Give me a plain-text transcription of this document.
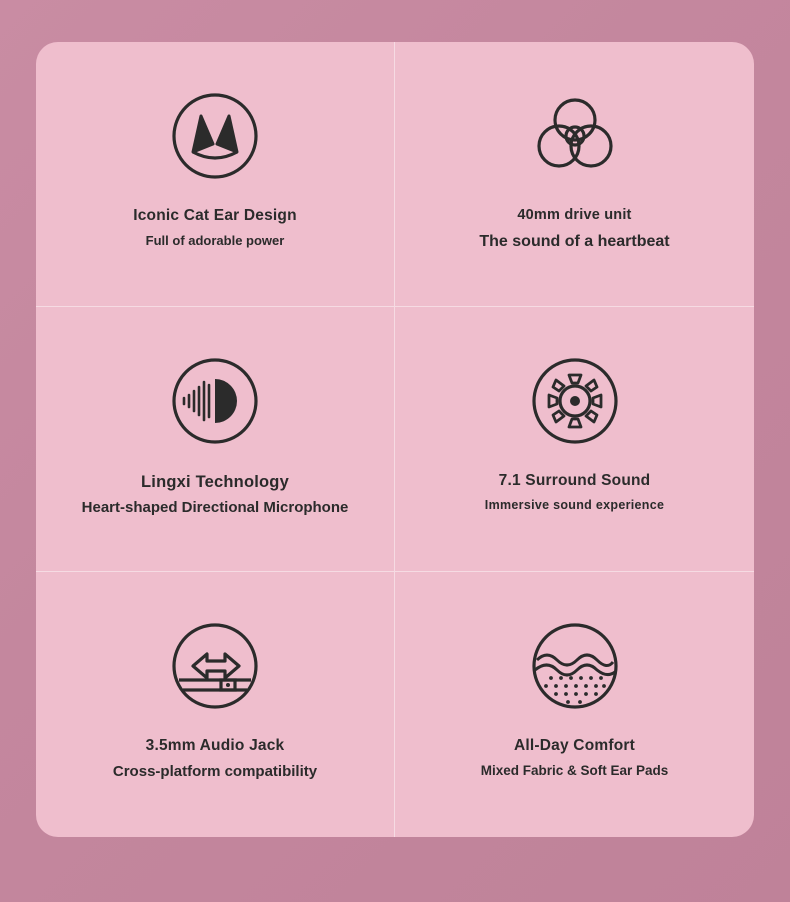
Iconic Cat Ear Design
Full of adorable power
40mm drive unit
The sound of a heartbeat
Lingxi Technology
Heart-shaped Directional Microphone
7.1 Surround Sound
Immersive sound experience
3.5mm Audio Jack
Cross-platform compatibility
All-Day Comfort
Mixed Fabric & Soft Ear Pads
